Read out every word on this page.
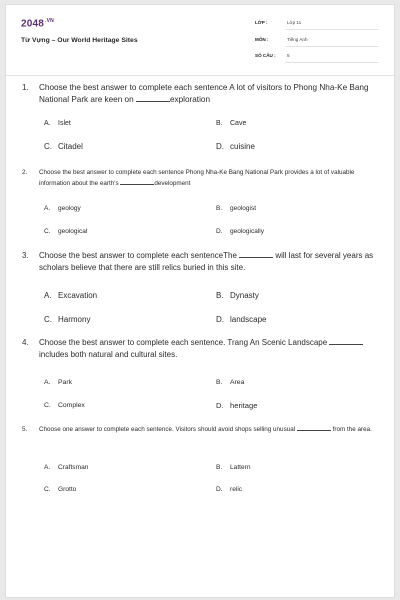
$2048^{.VN}$
Từ Vựng – Our World Heritage Sites
LỚP :	Lớp 11
MÔN :	Tiếng Anh
SỐ CÂU : 5
1. Choose the best answer to complete each sentence A lot of visitors to Phong Nha-Ke Bang National Park are keen on	exploration
A. Islet	B. Cave
C. Citadel	D. cuisine
2. Choose the best answer to complete each sentence Phong Nha-Ke Bang National Park provides a lot of valuable information about the earth's	development
A. geology	B. geologist
C. geological	D. geologically
3. Choose the best answer to complete each sentenceThe	will last for several years as scholars believe that there are still relics buried in this site.
A. Excavation	B. Dynasty
C. Harmony	D. landscape
4. Choose the best answer to complete each sentence. Trang An Scenic Landscape  includes both natural and cultural sites.
A. Park	B. Area
C. Complex	D. heritage
5. Choose one answer to complete each sentence. Visitors should avoid shops selling unusual	from the area.
A. Craftsman	B. Lattern
C. Grotto	D. relic
